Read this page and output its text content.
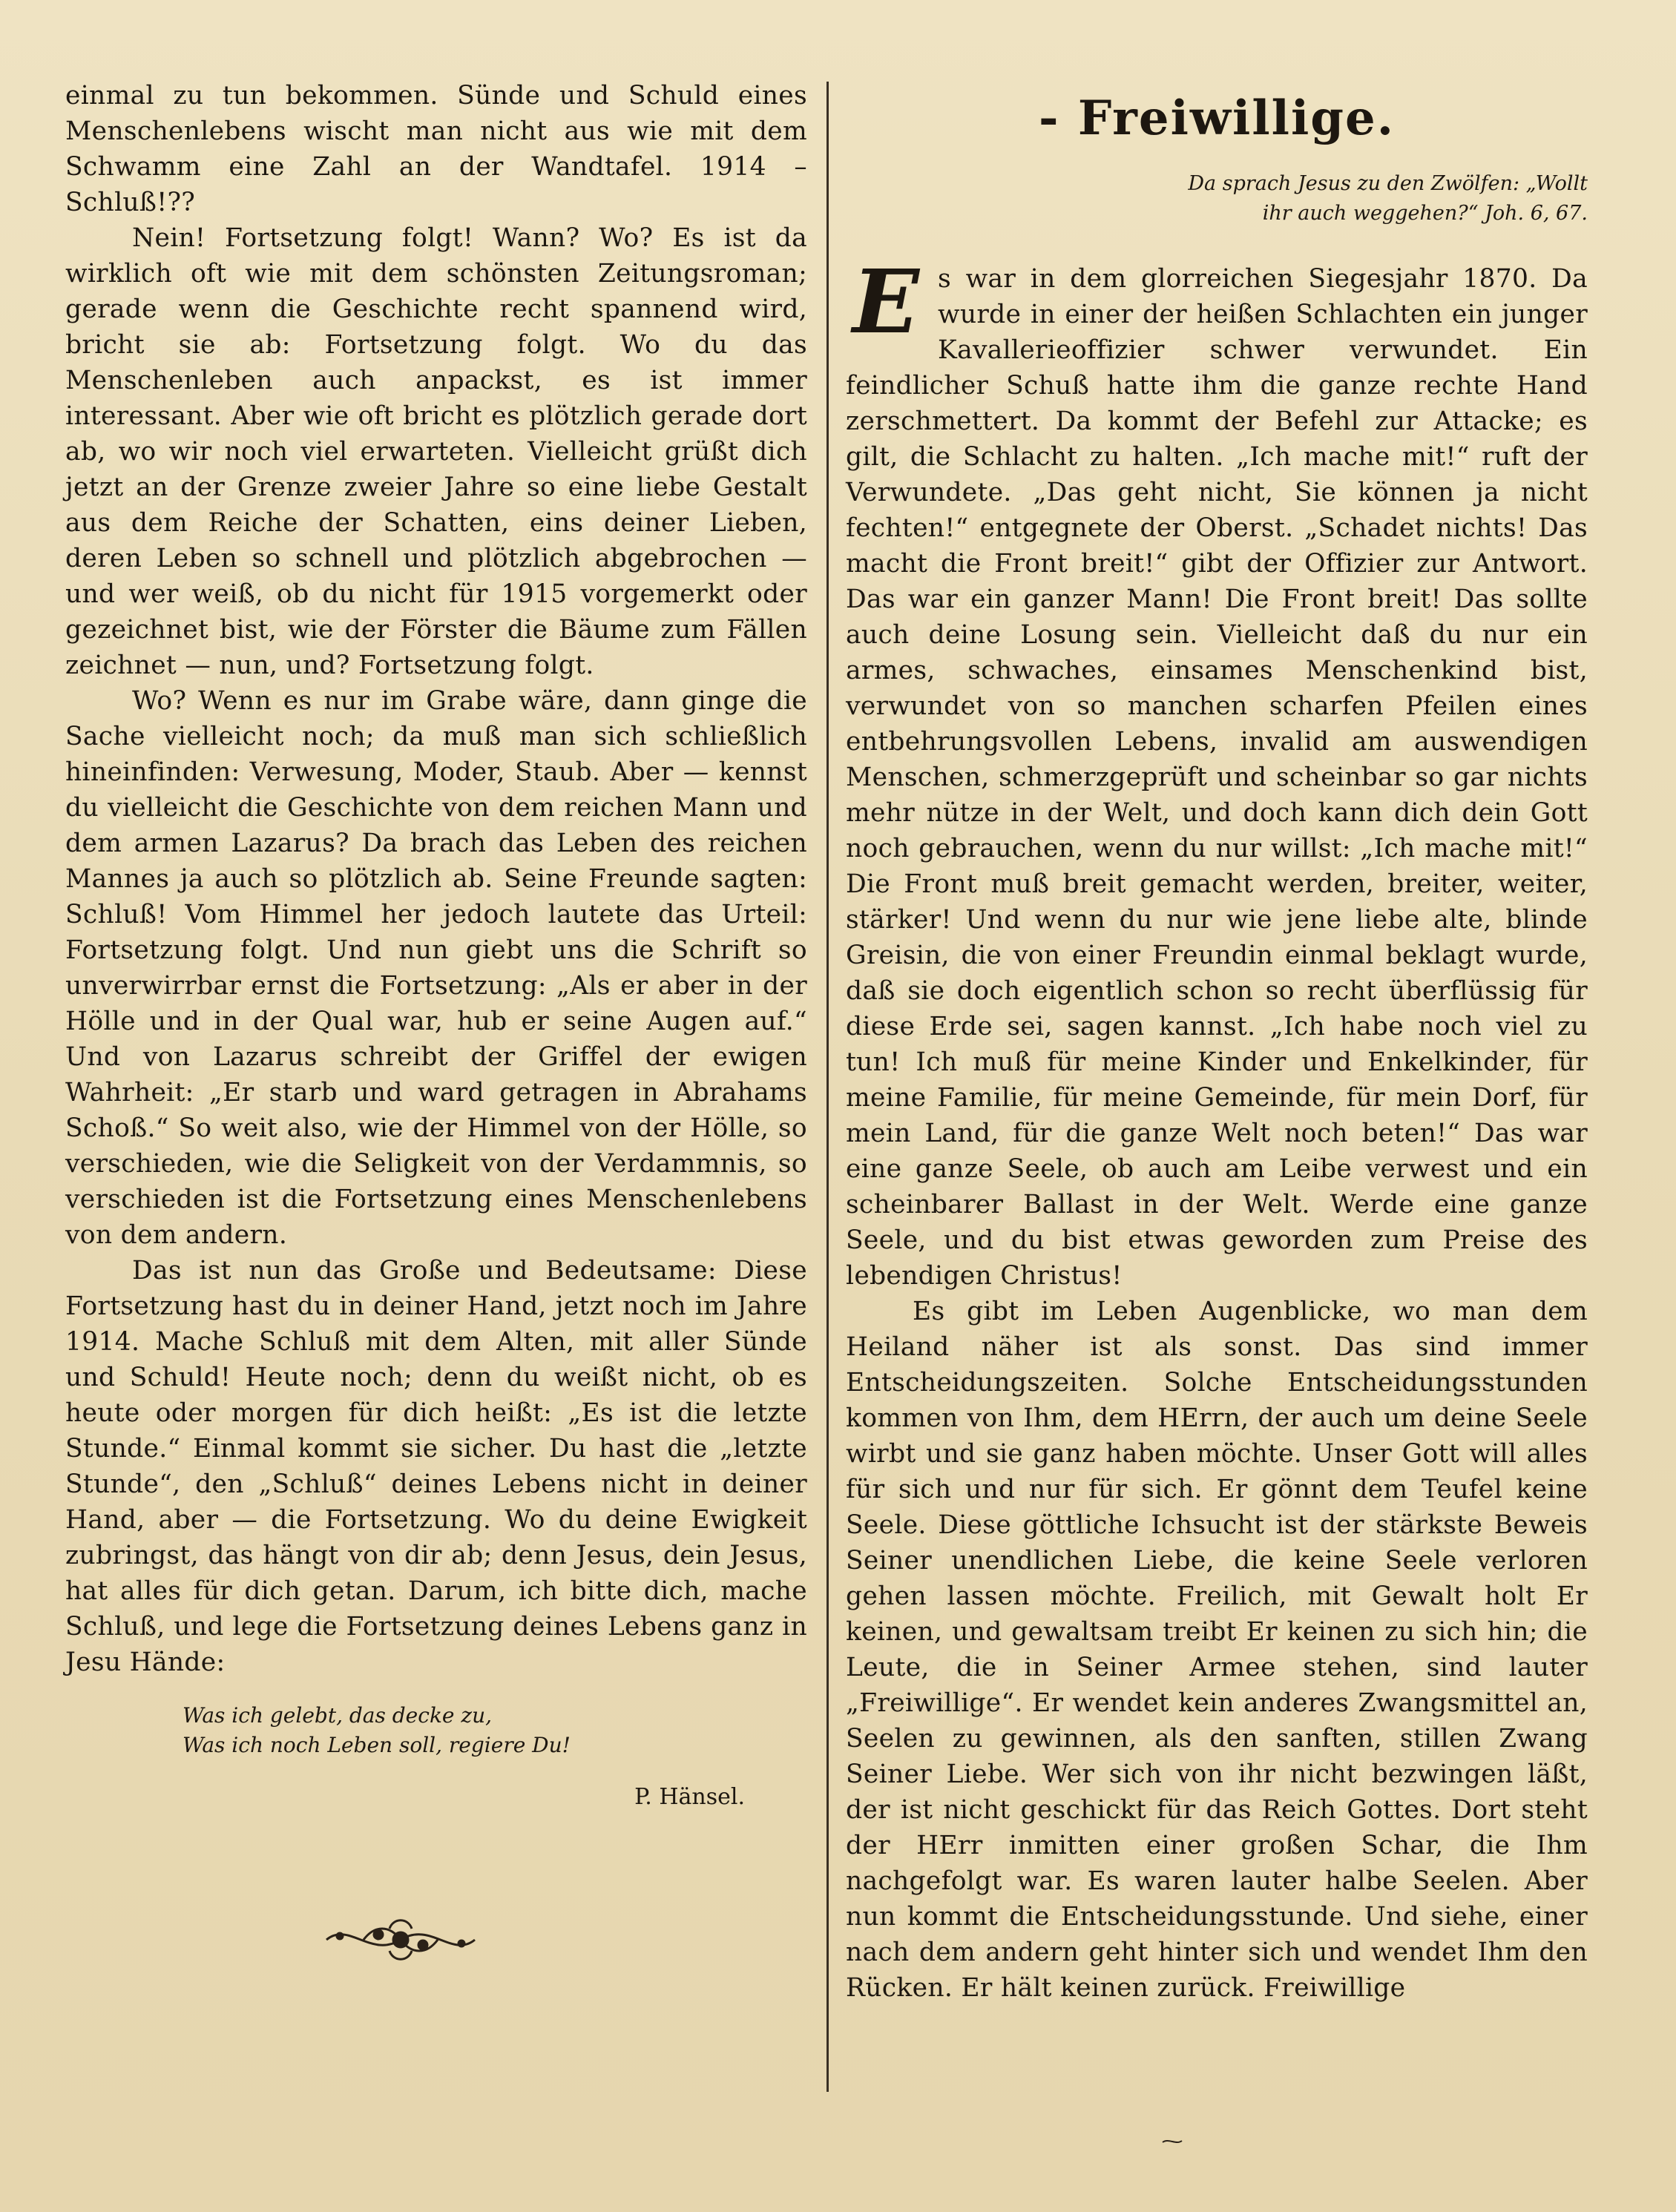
einmal zu tun bekommen. Sünde und Schuld eines Menschenlebens wischt man nicht aus wie mit dem Schwamm eine Zahl an der Wandtafel. 1914 – Schluß!??

Nein! Fortsetzung folgt! Wann? Wo? Es ist da wirklich oft wie mit dem schönsten Zeitungsroman; gerade wenn die Geschichte recht spannend wird, bricht sie ab: Fortsetzung folgt. Wo du das Menschenleben auch anpackst, es ist immer interessant. Aber wie oft bricht es plötzlich gerade dort ab, wo wir noch viel erwarteten. Vielleicht grüßt dich jetzt an der Grenze zweier Jahre so eine liebe Gestalt aus dem Reiche der Schatten, eins deiner Lieben, deren Leben so schnell und plötzlich abgebrochen — und wer weiß, ob du nicht für 1915 vorgemerkt oder gezeichnet bist, wie der Förster die Bäume zum Fällen zeichnet — nun, und? Fortsetzung folgt.

Wo? Wenn es nur im Grabe wäre, dann ginge die Sache vielleicht noch; da muß man sich schließlich hineinfinden: Verwesung, Moder, Staub. Aber — kennst du vielleicht die Geschichte von dem reichen Mann und dem armen Lazarus? Da brach das Leben des reichen Mannes ja auch so plötzlich ab. Seine Freunde sagten: Schluß! Vom Himmel her jedoch lautete das Urteil: Fortsetzung folgt. Und nun giebt uns die Schrift so unverwirrbar ernst die Fortsetzung: „Als er aber in der Hölle und in der Qual war, hub er seine Augen auf.“ Und von Lazarus schreibt der Griffel der ewigen Wahrheit: „Er starb und ward getragen in Abrahams Schoß.“ So weit also, wie der Himmel von der Hölle, so verschieden, wie die Seligkeit von der Verdammnis, so verschieden ist die Fortsetzung eines Menschenlebens von dem andern.

Das ist nun das Große und Bedeutsame: Diese Fortsetzung hast du in deiner Hand, jetzt noch im Jahre 1914. Mache Schluß mit dem Alten, mit aller Sünde und Schuld! Heute noch; denn du weißt nicht, ob es heute oder morgen für dich heißt: „Es ist die letzte Stunde.“ Einmal kommt sie sicher. Du hast die „letzte Stunde“, den „Schluß“ deines Lebens nicht in deiner Hand, aber — die Fortsetzung. Wo du deine Ewigkeit zubringst, das hängt von dir ab; denn Jesus, dein Jesus, hat alles für dich getan. Darum, ich bitte dich, mache Schluß, und lege die Fortsetzung deines Lebens ganz in Jesu Hände:

Was ich gelebt, das decke zu,
Was ich noch Leben soll, regiere Du!
P. Hänsel.
- Freiwillige.
Da sprach Jesus zu den Zwölfen: „Wollt
ihr auch weggehen?“ Joh. 6, 67.
E s war in dem glorreichen Siegesjahr 1870. Da wurde in einer der heißen Schlachten ein junger Kavallerieoffizier schwer verwundet. Ein feindlicher Schuß hatte ihm die ganze rechte Hand zerschmettert. Da kommt der Befehl zur Attacke; es gilt, die Schlacht zu halten. „Ich mache mit!“ ruft der Verwundete. „Das geht nicht, Sie können ja nicht fechten!“ entgegnete der Oberst. „Schadet nichts! Das macht die Front breit!“ gibt der Offizier zur Antwort. Das war ein ganzer Mann! Die Front breit! Das sollte auch deine Losung sein. Vielleicht daß du nur ein armes, schwaches, einsames Menschenkind bist, verwundet von so manchen scharfen Pfeilen eines entbehrungsvollen Lebens, invalid am auswendigen Menschen, schmerzgeprüft und scheinbar so gar nichts mehr nütze in der Welt, und doch kann dich dein Gott noch gebrauchen, wenn du nur willst: „Ich mache mit!“ Die Front muß breit gemacht werden, breiter, weiter, stärker! Und wenn du nur wie jene liebe alte, blinde Greisin, die von einer Freundin einmal beklagt wurde, daß sie doch eigentlich schon so recht überflüssig für diese Erde sei, sagen kannst. „Ich habe noch viel zu tun! Ich muß für meine Kinder und Enkelkinder, für meine Familie, für meine Gemeinde, für mein Dorf, für mein Land, für die ganze Welt noch beten!“ Das war eine ganze Seele, ob auch am Leibe verwest und ein scheinbarer Ballast in der Welt. Werde eine ganze Seele, und du bist etwas geworden zum Preise des lebendigen Christus!

Es gibt im Leben Augenblicke, wo man dem Heiland näher ist als sonst. Das sind immer Entscheidungszeiten. Solche Entscheidungsstunden kommen von Ihm, dem HErrn, der auch um deine Seele wirbt und sie ganz haben möchte. Unser Gott will alles für sich und nur für sich. Er gönnt dem Teufel keine Seele. Diese göttliche Ichsucht ist der stärkste Beweis Seiner unendlichen Liebe, die keine Seele verloren gehen lassen möchte. Freilich, mit Gewalt holt Er keinen, und gewaltsam treibt Er keinen zu sich hin; die Leute, die in Seiner Armee stehen, sind lauter „Freiwillige“. Er wendet kein anderes Zwangsmittel an, Seelen zu gewinnen, als den sanften, stillen Zwang Seiner Liebe. Wer sich von ihr nicht bezwingen läßt, der ist nicht geschickt für das Reich Gottes. Dort steht der HErr inmitten einer großen Schar, die Ihm nachgefolgt war. Es waren lauter halbe Seelen. Aber nun kommt die Entscheidungsstunde. Und siehe, einer nach dem andern geht hinter sich und wendet Ihm den Rücken. Er hält keinen zurück. Freiwillige
